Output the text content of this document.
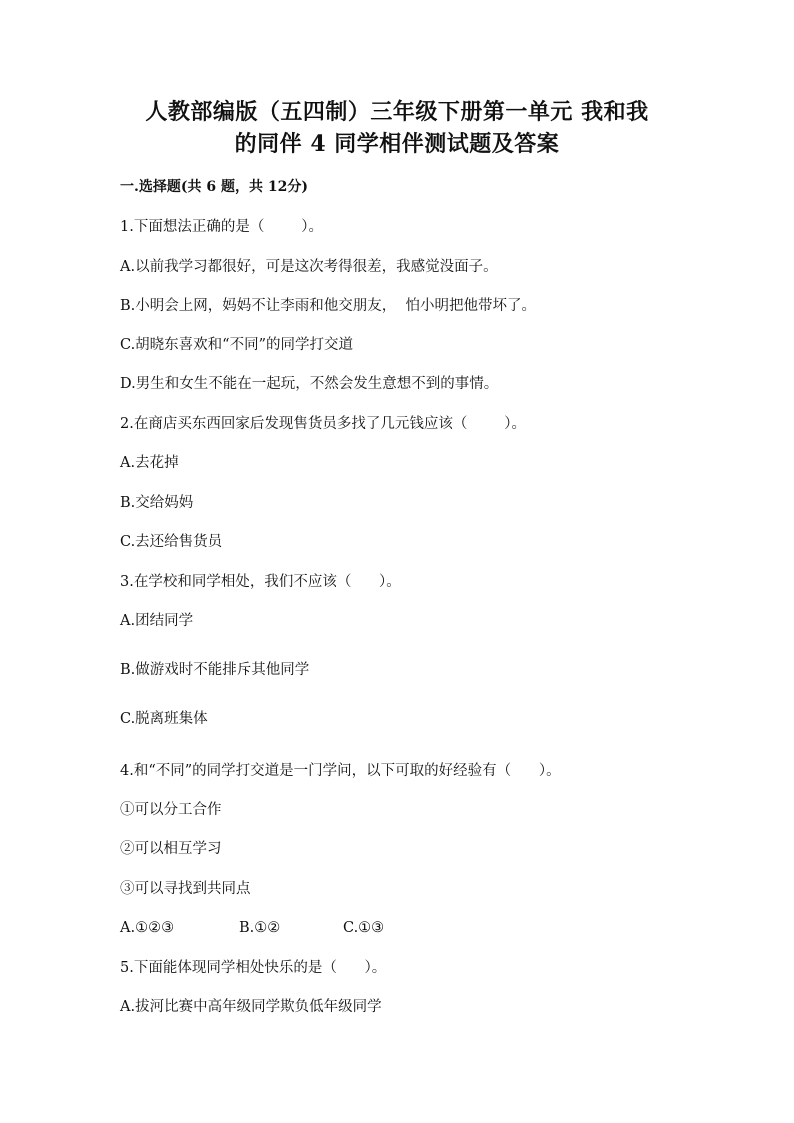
人教部编版（五四制）三年级下册第一单元 我和我
的同伴 4 同学相伴测试题及答案
一.选择题(共 6 题，共 12分)
1.下面想法正确的是（        ）。
A.以前我学习都很好，可是这次考得很差，我感觉没面子。
B.小明会上网，妈妈不让李雨和他交朋友，  怕小明把他带坏了。
C.胡晓东喜欢和“不同”的同学打交道
D.男生和女生不能在一起玩，不然会发生意想不到的事情。
2.在商店买东西回家后发现售货员多找了几元钱应该（        ）。
A.去花掉
B.交给妈妈
C.去还给售货员
3.在学校和同学相处，我们不应该（      ）。
A.团结同学
B.做游戏时不能排斥其他同学
C.脱离班集体
4.和“不同”的同学打交道是一门学问，以下可取的好经验有（      ）。
①可以分工合作
②可以相互学习
③可以寻找到共同点
A.①②③	B.①②	C.①③
5.下面能体现同学相处快乐的是（      ）。
A.拔河比赛中高年级同学欺负低年级同学
